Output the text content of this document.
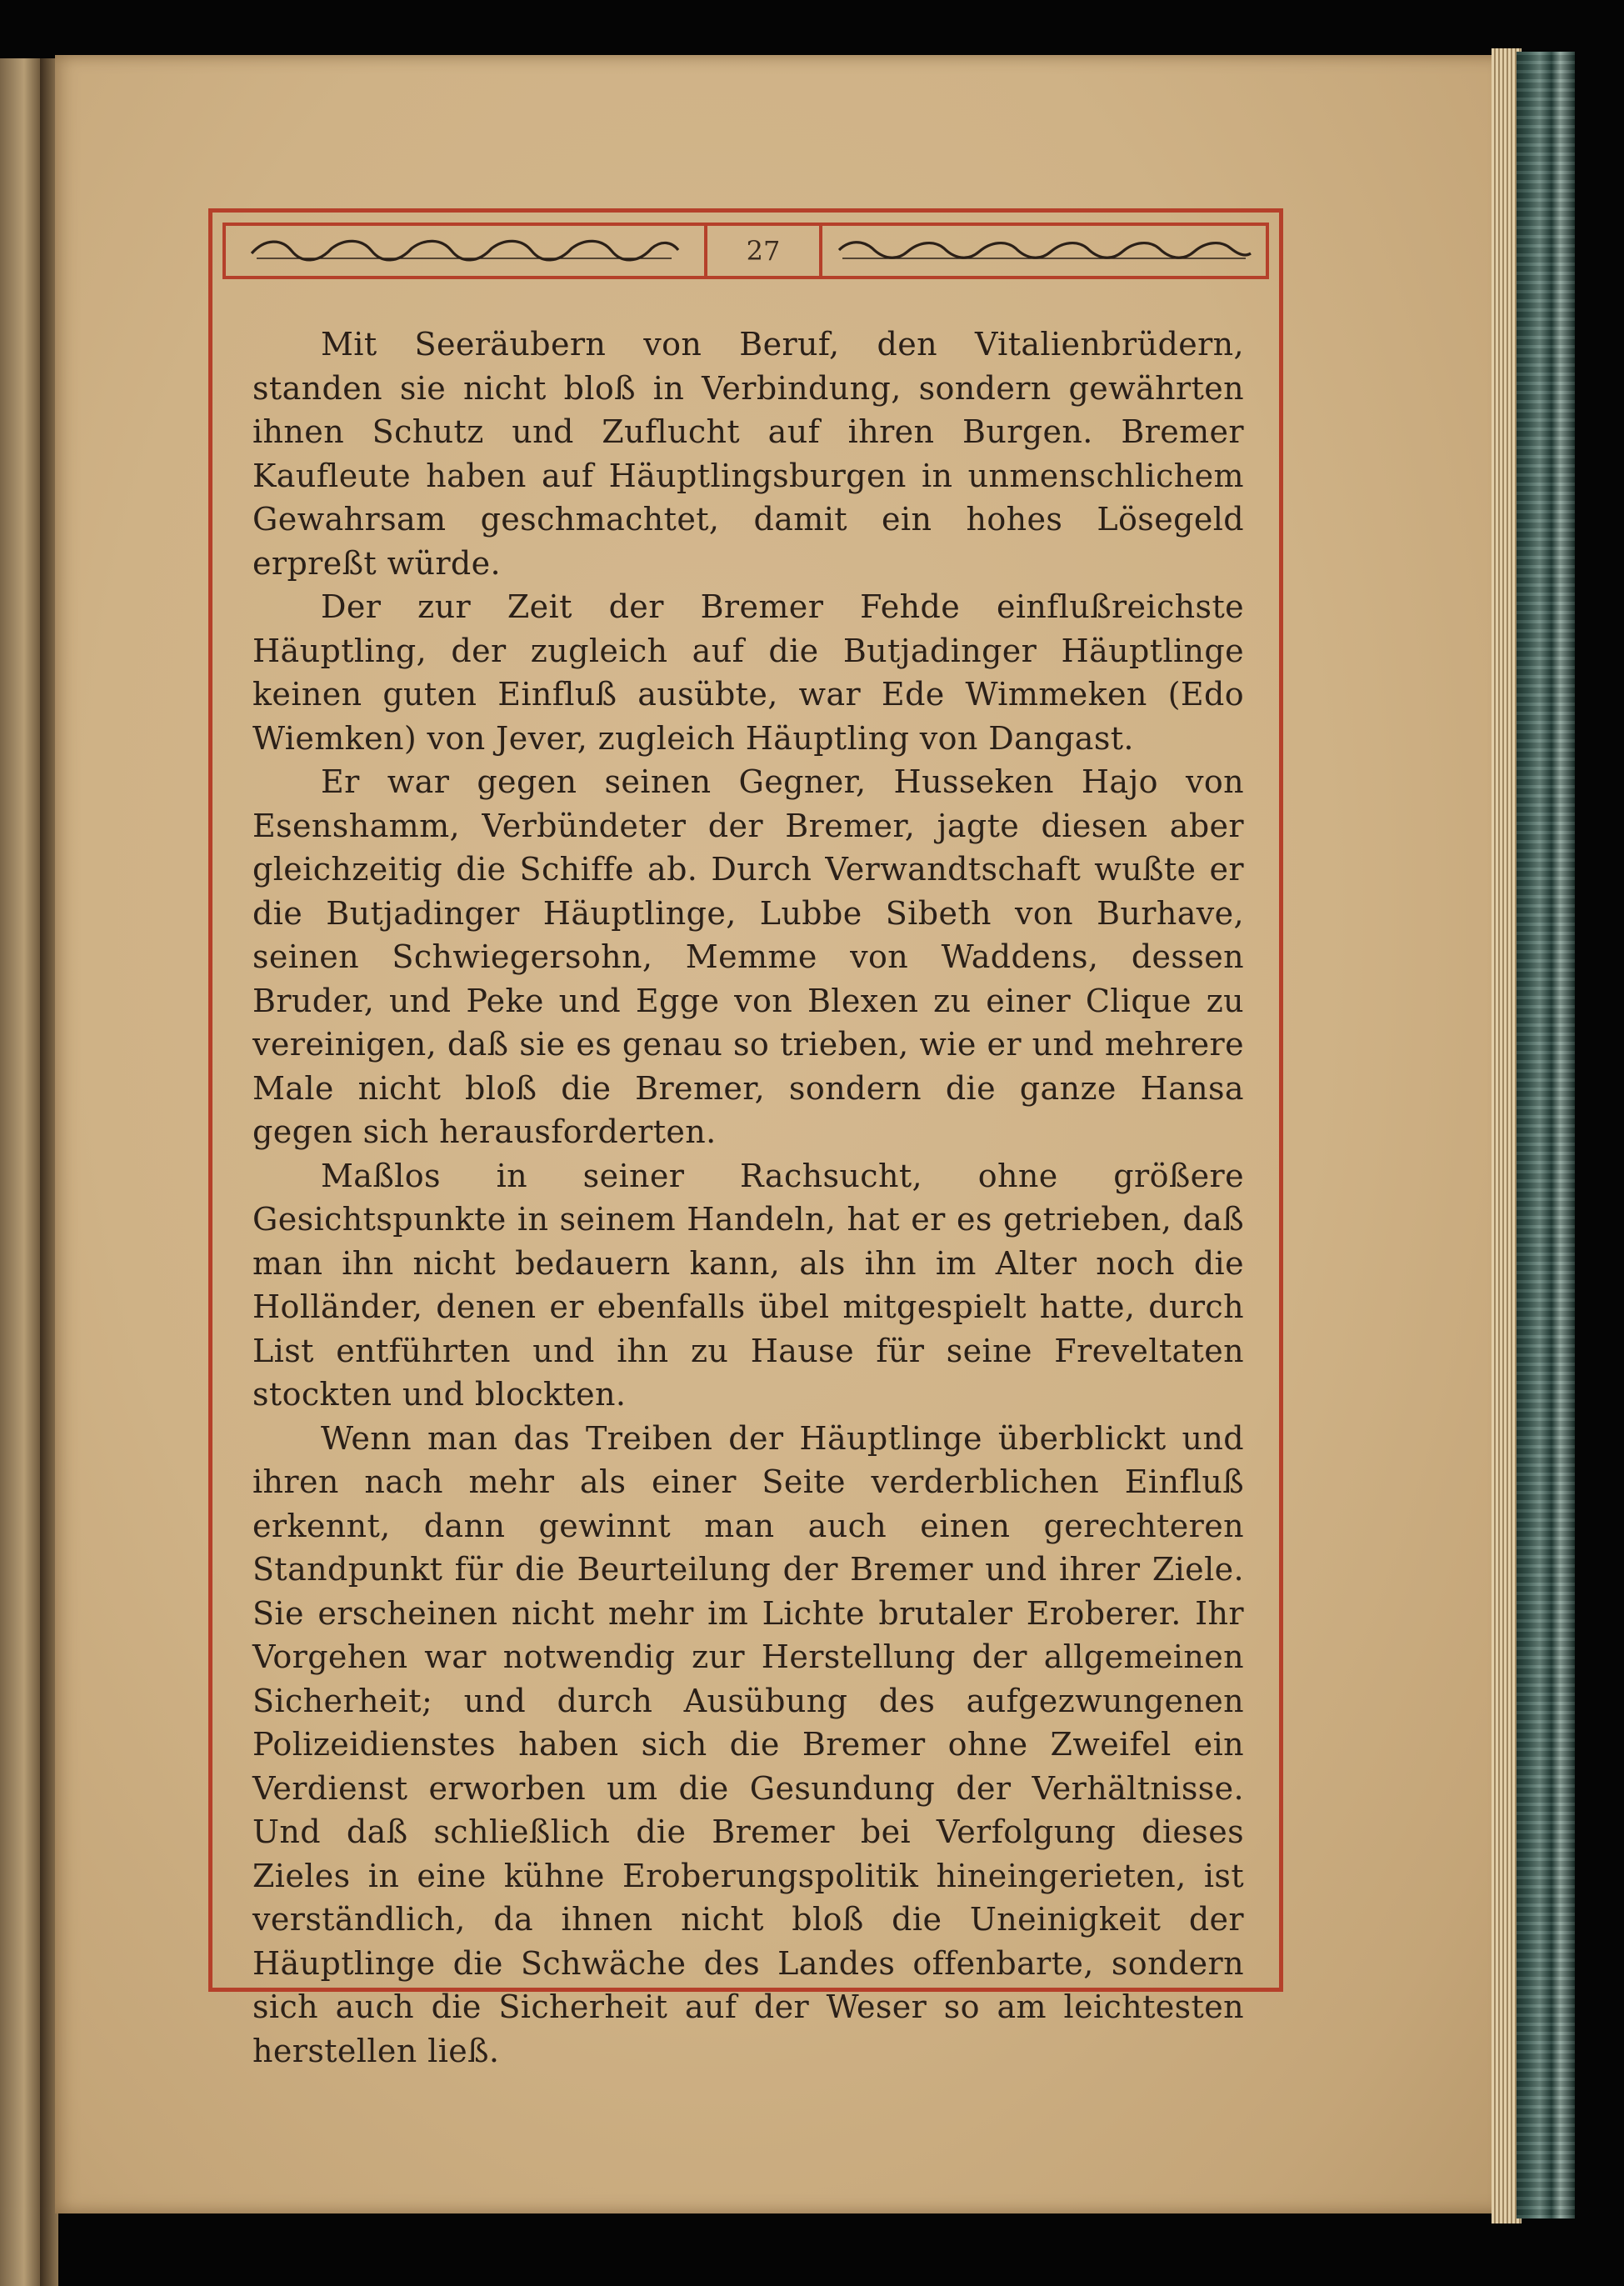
27

Mit Seeräubern von Beruf, den Vitalienbrüdern, standen sie nicht bloß in Verbindung, sondern gewährten ihnen Schutz und Zuflucht auf ihren Burgen. Bremer Kaufleute haben auf Häuptlingsburgen in unmenschlichem Gewahrsam geschmachtet, damit ein hohes Lösegeld erpreßt würde.

Der zur Zeit der Bremer Fehde einflußreichste Häuptling, der zugleich auf die Butjadinger Häuptlinge keinen guten Einfluß ausübte, war Ede Wimmeken (Edo Wiemken) von Jever, zugleich Häuptling von Dangast.

Er war gegen seinen Gegner, Husseken Hajo von Esenshamm, Verbündeter der Bremer, jagte diesen aber gleichzeitig die Schiffe ab. Durch Verwandtschaft wußte er die Butjadinger Häuptlinge, Lubbe Sibeth von Burhave, seinen Schwiegersohn, Memme von Waddens, dessen Bruder, und Peke und Egge von Blexen zu einer Clique zu vereinigen, daß sie es genau so trieben, wie er und mehrere Male nicht bloß die Bremer, sondern die ganze Hansa gegen sich herausforderten.

Maßlos in seiner Rachsucht, ohne größere Gesichtspunkte in seinem Handeln, hat er es getrieben, daß man ihn nicht bedauern kann, als ihn im Alter noch die Holländer, denen er ebenfalls übel mitgespielt hatte, durch List entführten und ihn zu Hause für seine Freveltaten stockten und blockten.

Wenn man das Treiben der Häuptlinge überblickt und ihren nach mehr als einer Seite verderblichen Einfluß erkennt, dann gewinnt man auch einen gerechteren Standpunkt für die Beurteilung der Bremer und ihrer Ziele. Sie erscheinen nicht mehr im Lichte brutaler Eroberer. Ihr Vorgehen war notwendig zur Herstellung der allgemeinen Sicherheit; und durch Ausübung des aufgezwungenen Polizeidienstes haben sich die Bremer ohne Zweifel ein Verdienst erworben um die Gesundung der Verhältnisse. Und daß schließlich die Bremer bei Verfolgung dieses Zieles in eine kühne Eroberungspolitik hineingerieten, ist verständlich, da ihnen nicht bloß die Uneinigkeit der Häuptlinge die Schwäche des Landes offenbarte, sondern sich auch die Sicherheit auf der Weser so am leichtesten herstellen ließ.
